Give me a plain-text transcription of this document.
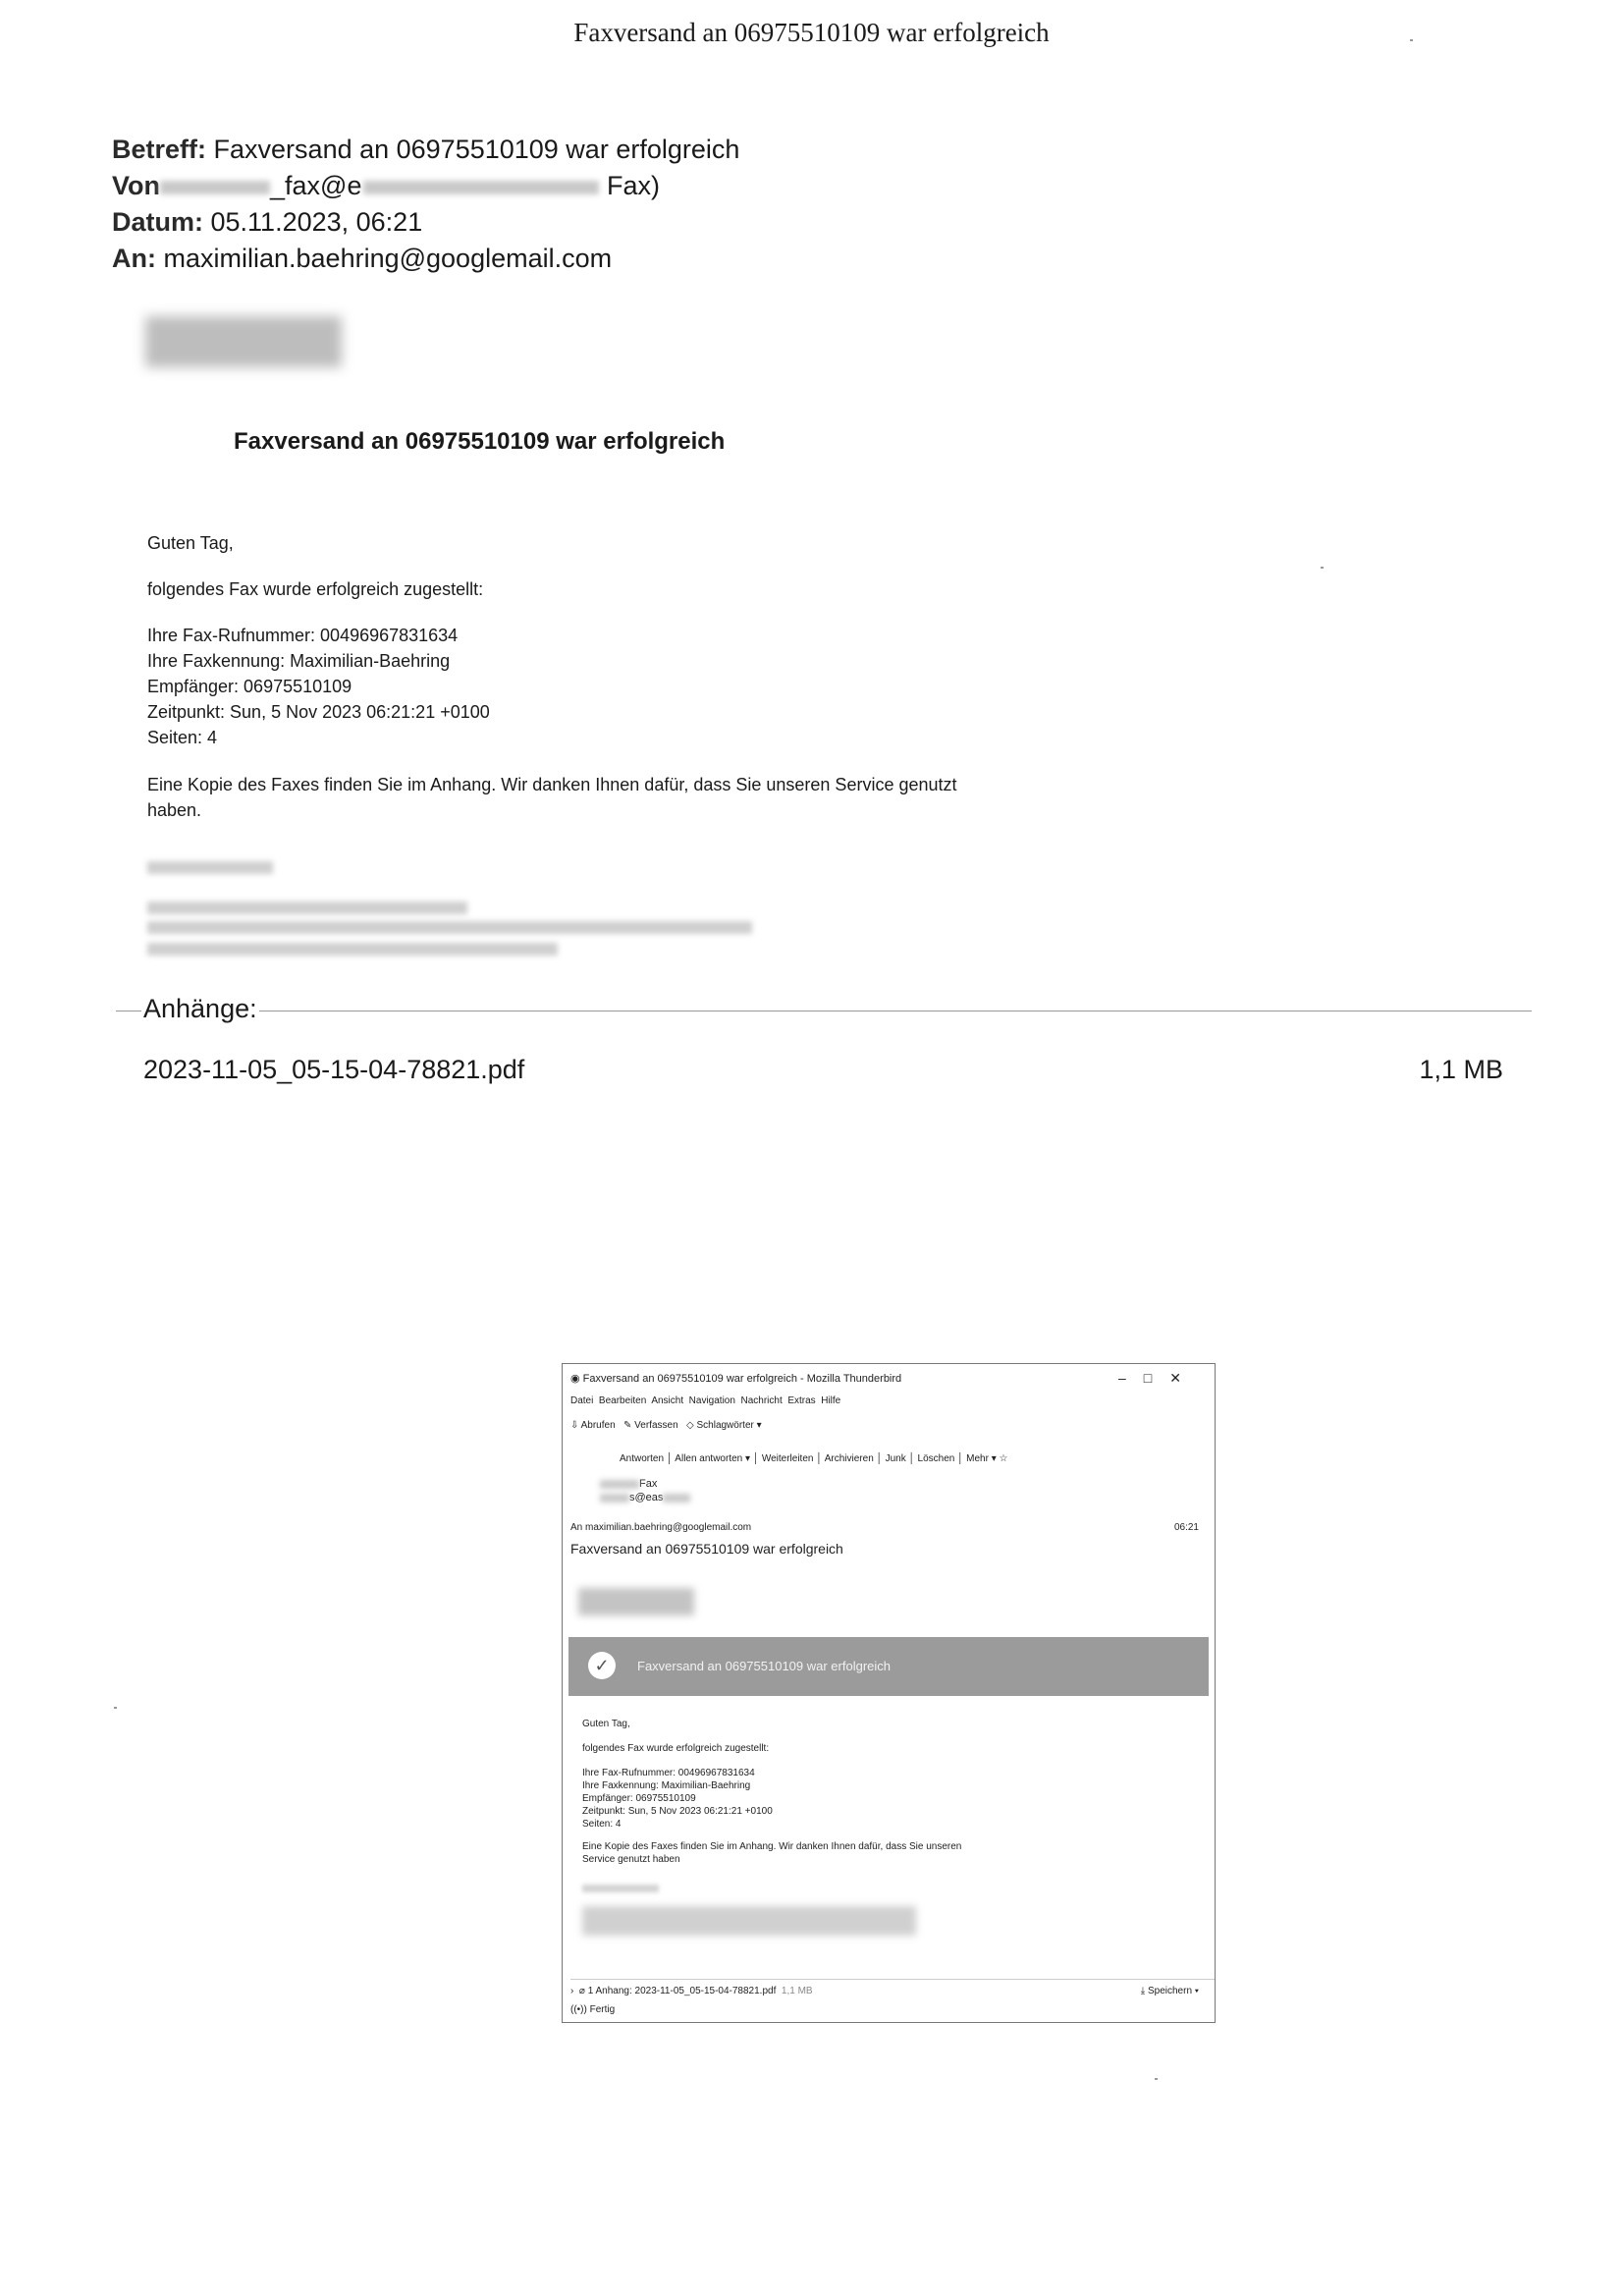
Faxversand an 06975510109 war erfolgreich
Betreff: Faxversand an 06975510109 war erfolgreich
Von	_fax@e	Fax)
Datum: 05.11.2023, 06:21
An: maximilian.baehring@googlemail.com
Faxversand an 06975510109 war erfolgreich
Guten Tag,
folgendes Fax wurde erfolgreich zugestellt:
Ihre Fax-Rufnummer: 00496967831634
Ihre Faxkennung: Maximilian-Baehring
Empfänger: 06975510109
Zeitpunkt: Sun, 5 Nov 2023 06:21:21 +0100
Seiten: 4
Eine Kopie des Faxes finden Sie im Anhang. Wir danken Ihnen dafür, dass Sie unseren Service genutzt
haben.
Anhänge:
2023-11-05_05-15-04-78821.pdf	1,1 MB
◉ Faxversand an 06975510109 war erfolgreich - Mozilla Thunderbird	–□✕
Datei Bearbeiten Ansicht Navigation Nachricht Extras Hilfe
⇩ Abrufen ✎ Verfassen ◇ Schlagwörter ▾
Antworten │ Allen antworten ▾ │ Weiterleiten │ Archivieren │ Junk │ Löschen │ Mehr ▾ ☆
Fax
s@eas
An maximilian.baehring@googlemail.com	06:21
Faxversand an 06975510109 war erfolgreich
✓	Faxversand an 06975510109 war erfolgreich
Guten Tag,
folgendes Fax wurde erfolgreich zugestellt:
Ihre Fax-Rufnummer: 00496967831634
Ihre Faxkennung: Maximilian-Baehring
Empfänger: 06975510109
Zeitpunkt: Sun, 5 Nov 2023 06:21:21 +0100
Seiten: 4
Eine Kopie des Faxes finden Sie im Anhang. Wir danken Ihnen dafür, dass Sie unseren
Service genutzt haben
› ⌀ 1 Anhang: 2023-11-05_05-15-04-78821.pdf 1,1 MB	⤓ Speichern ▾
((•)) Fertig
